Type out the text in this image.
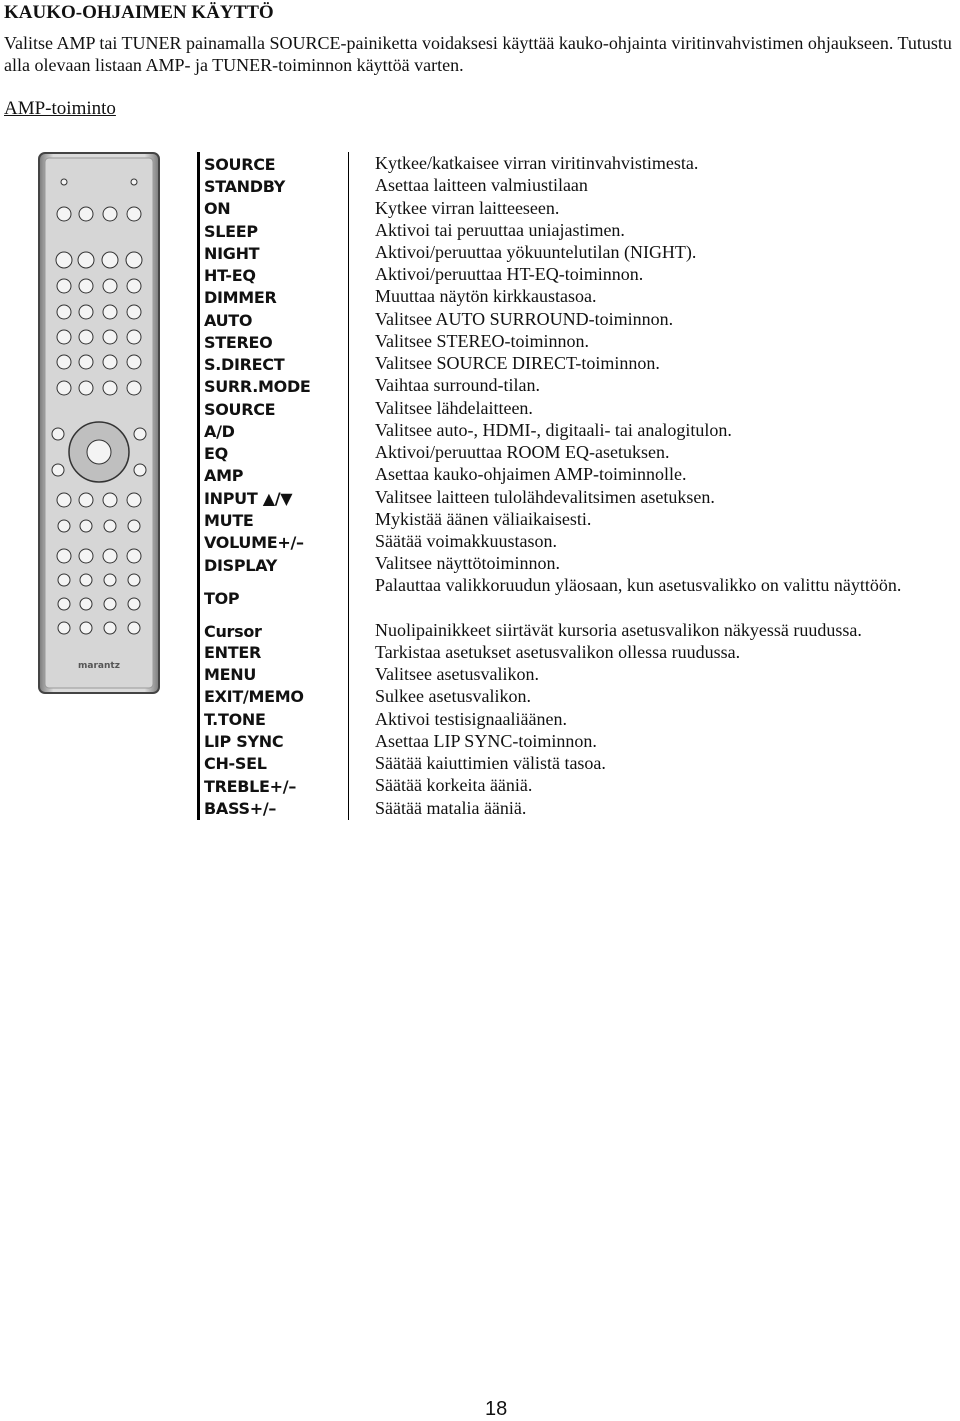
KAUKO-OHJAIMEN KÄYTTÖ
Valitse AMP tai TUNER painamalla SOURCE-painiketta voidaksesi käyttää kauko-ohjainta viritinvahvistimen ohjaukseen. Tutustu alla olevaan listaan AMP- ja TUNER-toiminnon käyttöä varten.
AMP-toiminto
marantz
SOURCE
STANDBY
ON
SLEEP
NIGHT
HT-EQ
DIMMER
AUTO
STEREO
S.DIRECT
SURR.MODE
SOURCE
A/D
EQ
AMP
INPUT ▲/▼
MUTE
VOLUME+/–
DISPLAY
TOP
Cursor
ENTER
MENU
EXIT/MEMO
T.TONE
LIP SYNC
CH-SEL
TREBLE+/–
BASS+/–
Kytkee/katkaisee virran viritinvahvistimesta.
Asettaa laitteen valmiustilaan
Kytkee virran laitteeseen.
Aktivoi tai peruuttaa uniajastimen.
Aktivoi/peruuttaa yökuuntelutilan (NIGHT).
Aktivoi/peruuttaa HT-EQ-toiminnon.
Muuttaa näytön kirkkaustasoa.
Valitsee AUTO SURROUND-toiminnon.
Valitsee STEREO-toiminnon.
Valitsee SOURCE DIRECT-toiminnon.
Vaihtaa surround-tilan.
Valitsee lähdelaitteen.
Valitsee auto-, HDMI-, digitaali- tai analogitulon.
Aktivoi/peruuttaa ROOM EQ-asetuksen.
Asettaa kauko-ohjaimen AMP-toiminnolle.
Valitsee laitteen tulolähdevalitsimen asetuksen.
Mykistää äänen väliaikaisesti.
Säätää voimakkuustason.
Valitsee näyttötoiminnon.
Palauttaa valikkoruudun yläosaan, kun asetusvalikko on valittu näyttöön.
Nuolipainikkeet siirtävät kursoria asetusvalikon näkyessä ruudussa.
Tarkistaa asetukset asetusvalikon ollessa ruudussa.
Valitsee asetusvalikon.
Sulkee asetusvalikon.
Aktivoi testisignaaliäänen.
Asettaa LIP SYNC-toiminnon.
Säätää kaiuttimien välistä tasoa.
Säätää korkeita ääniä.
Säätää matalia ääniä.
18
